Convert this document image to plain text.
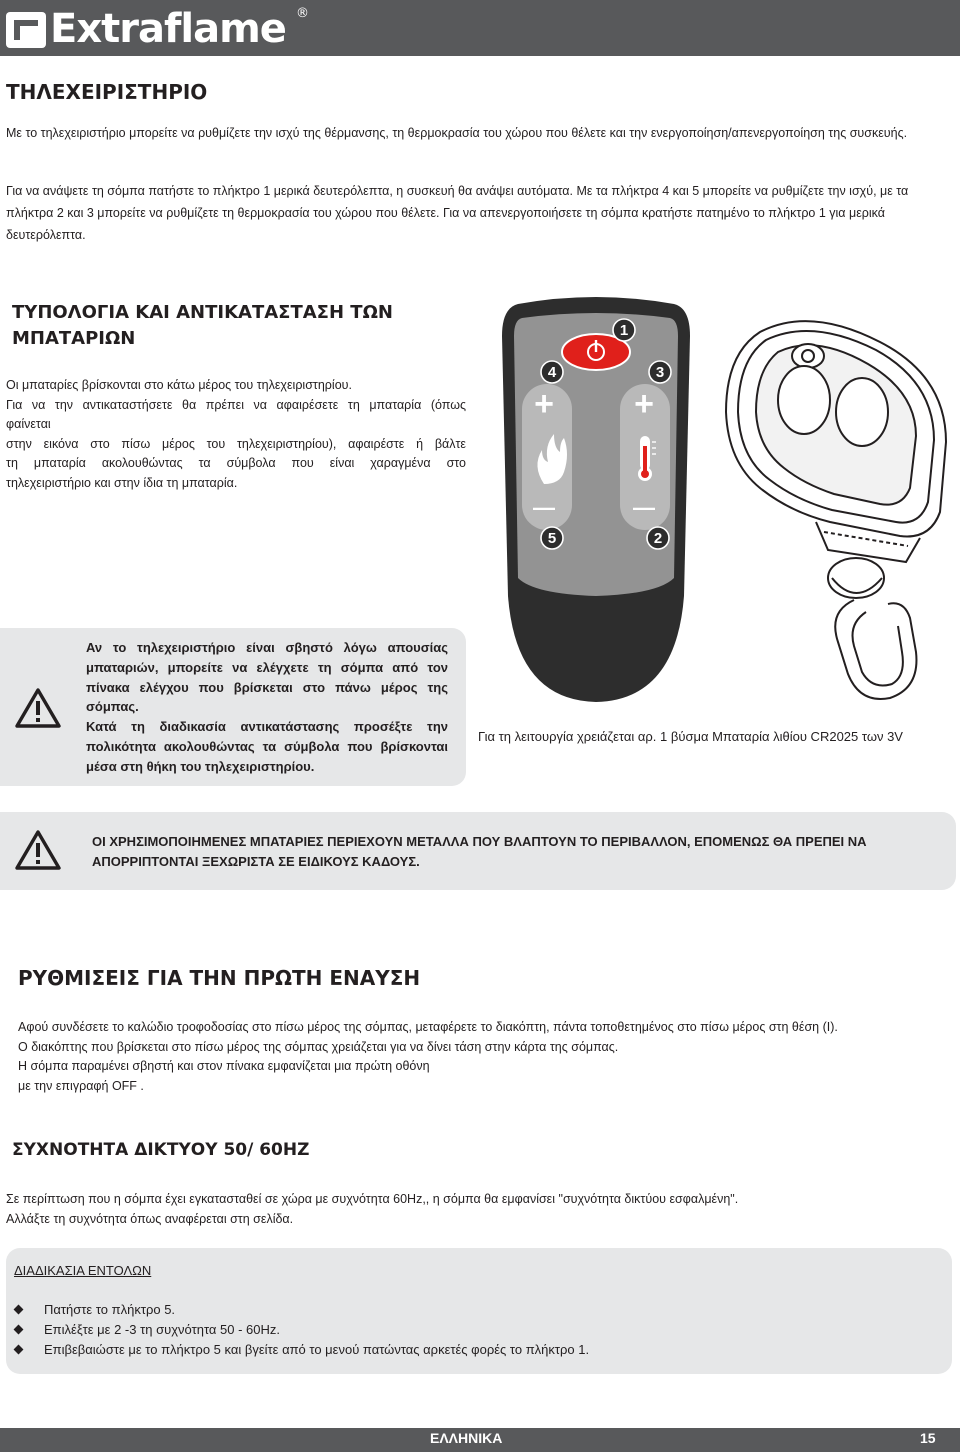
Extraflame ®
ΤΗΛΕΧΕΙΡΙΣΤΗΡΙΟ

Με το τηλεχειριστήριο μπορείτε να ρυθμίζετε την ισχύ της θέρμανσης, τη θερμοκρασία του χώρου που θέλετε και την ενεργοποίηση/απενεργοποίηση της συσκευής.

Για να ανάψετε τη σόμπα πατήστε το πλήκτρο 1 μερικά δευτερόλεπτα, η συσκευή θα ανάψει αυτόματα. Με τα πλήκτρα 4 και 5 μπορείτε να ρυθμίζετε την ισχύ, με τα πλήκτρα 2 και 3 μπορείτε να ρυθμίζετε τη θερμοκρασία του χώρου που θέλετε. Για να απενεργοποιήσετε τη σόμπα κρατήστε πατημένο το πλήκτρο 1 για μερικά δευτερόλεπτα.

ΤΥΠΟΛΟΓΙΑ ΚΑΙ ΑΝΤΙΚΑΤΑΣΤΑΣΗ ΤΩΝ
ΜΠΑΤΑΡΙΩΝ
Οι μπαταρίες βρίσκονται στο κάτω μέρος του τηλεχειριστηρίου.
Για να την αντικαταστήσετε θα πρέπει να αφαιρέσετε τη μπαταρία (όπως
φαίνεται
στην εικόνα στο πίσω μέρος του τηλεχειριστηρίου), αφαιρέστε ή βάλτε
τη μπαταρία ακολουθώντας τα σύμβολα που είναι χαραγμένα στο
τηλεχειριστήριο και στην ίδια τη μπαταρία.
1
4	3
5	2
+ +
—	—
Αν το τηλεχειριστήριο είναι σβηστό λόγω απουσίας
μπαταριών, μπορείτε να ελέγχετε τη σόμπα από τον
πίνακα ελέγχου που βρίσκεται στο πάνω μέρος της
σόμπας.
Κατά τη διαδικασία αντικατάστασης προσέξτε την
πολικότητα ακολουθώντας τα σύμβολα που βρίσκονται
μέσα στη θήκη του τηλεχειριστηρίου.
Για τη λειτουργία χρειάζεται αρ. 1 βύσμα Μπαταρία λιθίου CR2025 των 3V
ΟΙ ΧΡΗΣΙΜΟΠΟΙΗΜΕΝΕΣ ΜΠΑΤΑΡΙΕΣ ΠΕΡΙΕΧΟΥΝ ΜΕΤΑΛΛΑ ΠΟΥ ΒΛΑΠΤΟΥΝ ΤΟ ΠΕΡΙΒΑΛΛΟΝ, ΕΠΟΜΕΝΩΣ ΘΑ ΠΡΕΠΕΙ ΝΑ
ΑΠΟΡΡΙΠΤΟΝΤΑΙ ΞΕΧΩΡΙΣΤΑ ΣΕ ΕΙΔΙΚΟΥΣ ΚΑΔΟΥΣ.
ΡΥΘΜΙΣΕΙΣ ΓΙΑ ΤΗΝ ΠΡΩΤΗ ΕΝΑΥΣΗ
Αφού συνδέσετε το καλώδιο τροφοδοσίας στο πίσω μέρος της σόμπας, μεταφέρετε το διακόπτη, πάντα τοποθετημένος στο πίσω μέρος στη θέση (I).
Ο διακόπτης που βρίσκεται στο πίσω μέρος της σόμπας χρειάζεται για να δίνει τάση στην κάρτα της σόμπας.
Η σόμπα παραμένει σβηστή και στον πίνακα εμφανίζεται μια πρώτη οθόνη
με την επιγραφή OFF .
ΣΥΧΝΟΤΗΤΑ ΔΙΚΤΥΟΥ 50/ 60HZ
Σε περίπτωση που η σόμπα έχει εγκατασταθεί σε χώρα με συχνότητα 60Hz,, η σόμπα θα εμφανίσει "συχνότητα δικτύου εσφαλμένη".
Αλλάξτε τη συχνότητα όπως αναφέρεται στη σελίδα.
ΔΙΑΔΙΚΑΣΙΑ ΕΝΤΟΛΩΝ
Πατήστε το πλήκτρο 5.
Επιλέξτε με 2 -3 τη συχνότητα 50 - 60Hz.
Επιβεβαιώστε με το πλήκτρο 5 και βγείτε από το μενού πατώντας αρκετές φορές το πλήκτρο 1.
ΕΛΛΗΝΙΚΑ	15
